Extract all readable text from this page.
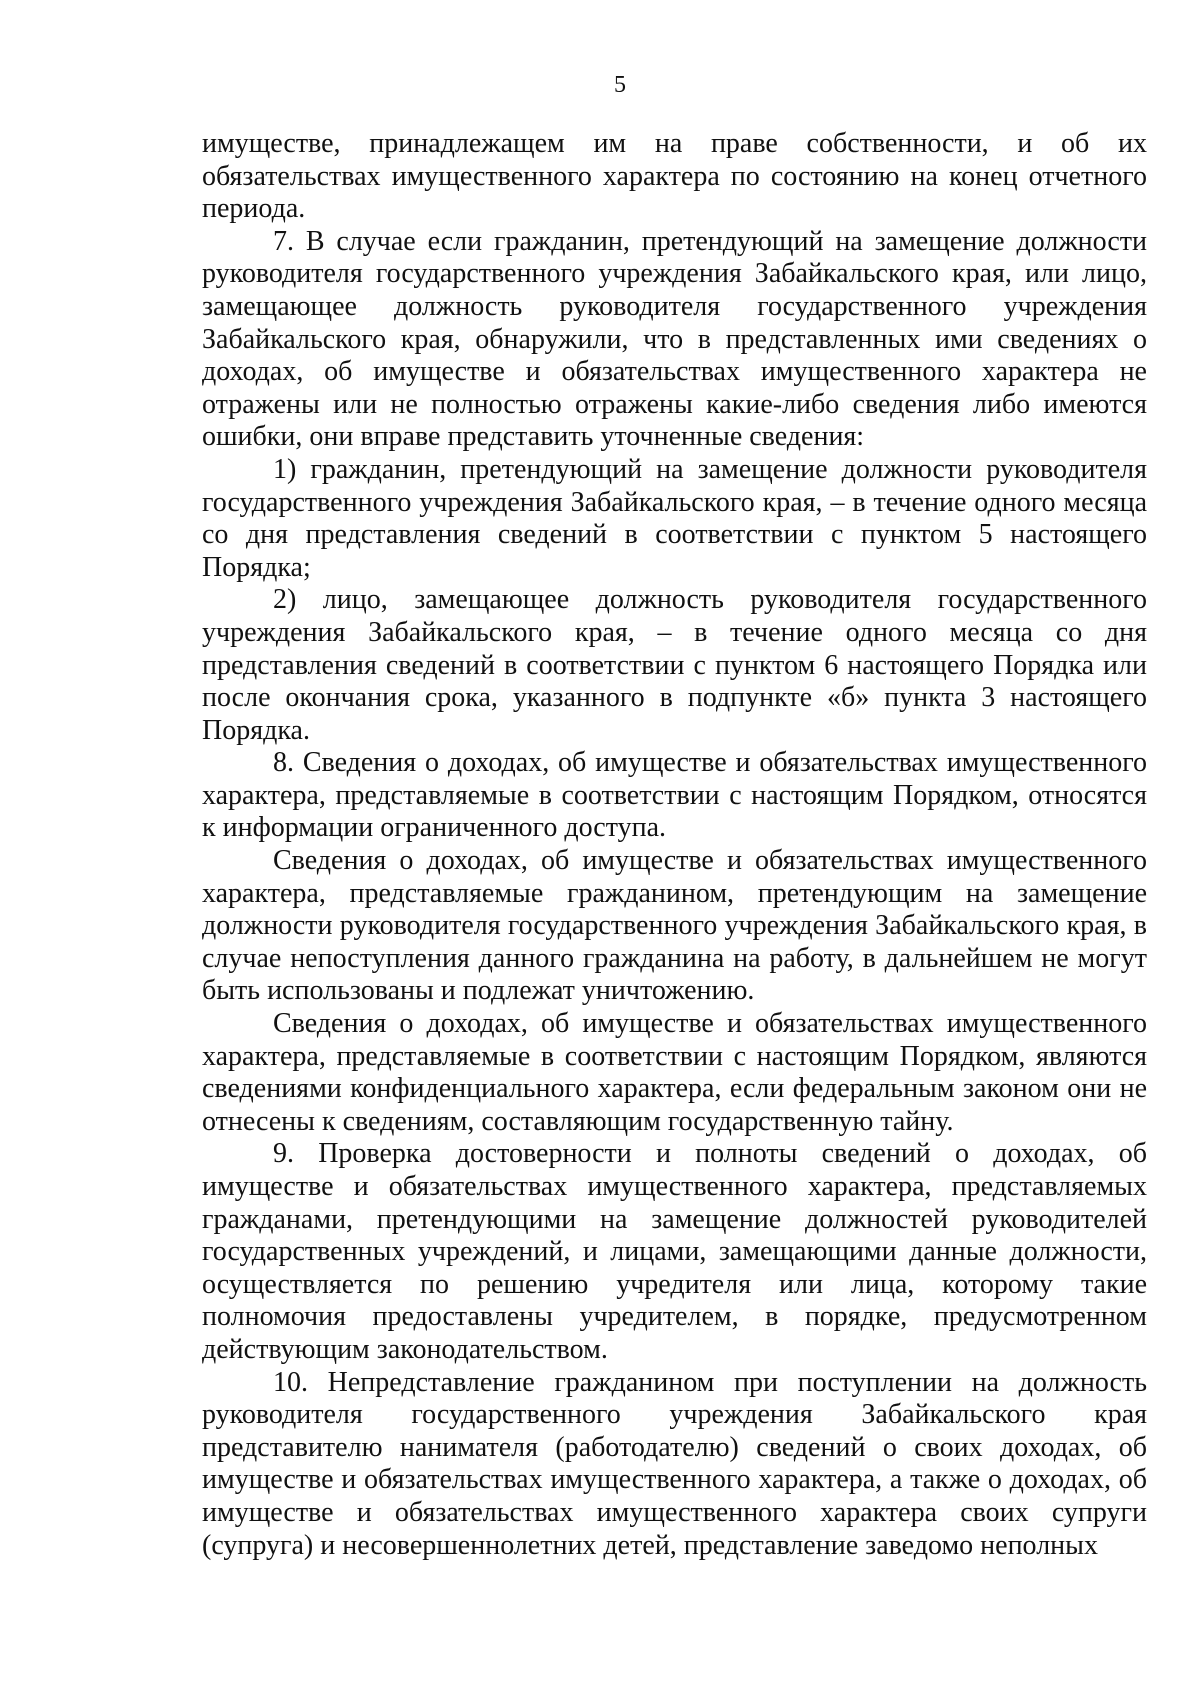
5

имуществе, принадлежащем им на праве собственности, и об их обязательствах имущественного характера по состоянию на конец отчетного периода.

7. В случае если гражданин, претендующий на замещение должности руководителя государственного учреждения Забайкальского края, или лицо, замещающее должность руководителя государственного учреждения Забайкальского края, обнаружили, что в представленных ими сведениях о доходах, об имуществе и обязательствах имущественного характера не отражены или не полностью отражены какие-либо сведения либо имеются ошибки, они вправе представить уточненные сведения:

1) гражданин, претендующий на замещение должности руководителя государственного учреждения Забайкальского края, – в течение одного месяца со дня представления сведений в соответствии с пунктом 5 настоящего Порядка;

2) лицо, замещающее должность руководителя государственного учреждения Забайкальского края, – в течение одного месяца со дня представления сведений в соответствии с пунктом 6 настоящего Порядка или после окончания срока, указанного в подпункте «б» пункта 3 настоящего Порядка.

8. Сведения о доходах, об имуществе и обязательствах имущественного характера, представляемые в соответствии с настоящим Порядком, относятся к информации ограниченного доступа.

Сведения о доходах, об имуществе и обязательствах имущественного характера, представляемые гражданином, претендующим на замещение должности руководителя государственного учреждения Забайкальского края, в случае непоступления данного гражданина на работу, в дальнейшем не могут быть использованы и подлежат уничтожению.

Сведения о доходах, об имуществе и обязательствах имущественного характера, представляемые в соответствии с настоящим Порядком, являются сведениями конфиденциального характера, если федеральным законом они не отнесены к сведениям, составляющим государственную тайну.

9. Проверка достоверности и полноты сведений о доходах, об имуществе и обязательствах имущественного характера, представляемых гражданами, претендующими на замещение должностей руководителей государственных учреждений, и лицами, замещающими данные должности, осуществляется по решению учредителя или лица, которому такие полномочия предоставлены учредителем, в порядке, предусмотренном действующим законодательством.

10. Непредставление гражданином при поступлении на должность руководителя государственного учреждения Забайкальского края представителю нанимателя (работодателю) сведений о своих доходах, об имуществе и обязательствах имущественного характера, а также о доходах, об имуществе и обязательствах имущественного характера своих супруги (супруга) и несовершеннолетних детей, представление заведомо неполных
